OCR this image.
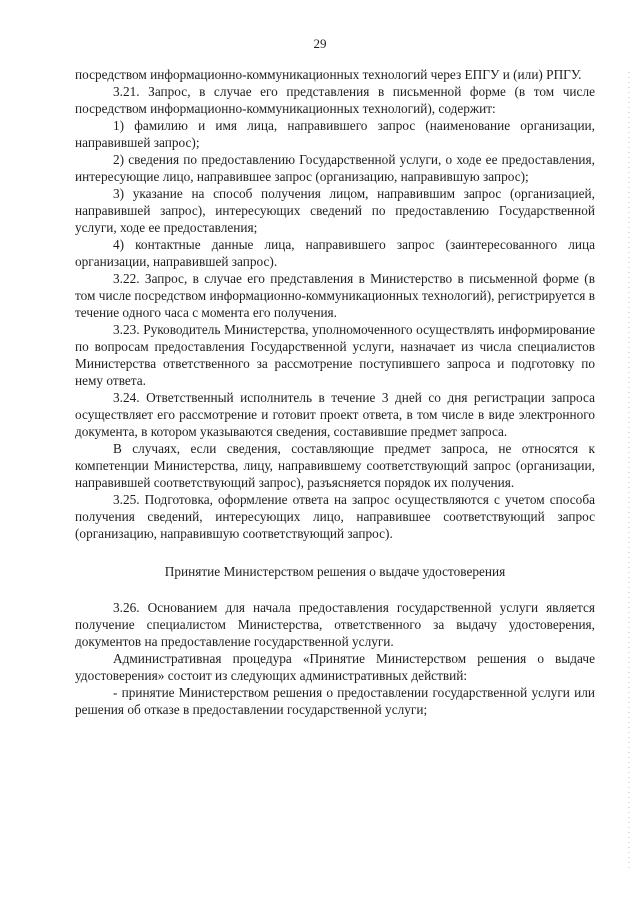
29

посредством информационно-коммуникационных технологий через ЕПГУ и (или) РПГУ.

3.21. Запрос, в случае его представления в письменной форме (в том числе посредством информационно-коммуникационных технологий), содержит:

1) фамилию и имя лица, направившего запрос (наименование организации, направившей запрос);

2) сведения по предоставлению Государственной услуги, о ходе ее предоставления, интересующие лицо, направившее запрос (организацию, направившую запрос);

3) указание на способ получения лицом, направившим запрос (организацией, направившей запрос), интересующих сведений по предоставлению Государственной услуги, ходе ее предоставления;

4) контактные данные лица, направившего запрос (заинтересованного лица организации, направившей запрос).

3.22. Запрос, в случае его представления в Министерство в письменной форме (в том числе посредством информационно-коммуникационных технологий), регистрируется в течение одного часа с момента его получения.

3.23. Руководитель Министерства, уполномоченного осуществлять информирование по вопросам предоставления Государственной услуги, назначает из числа специалистов Министерства ответственного за рассмотрение поступившего запроса и подготовку по нему ответа.

3.24. Ответственный исполнитель в течение 3 дней со дня регистрации запроса осуществляет его рассмотрение и готовит проект ответа, в том числе в виде электронного документа, в котором указываются сведения, составившие предмет запроса.

В случаях, если сведения, составляющие предмет запроса, не относятся к компетенции Министерства, лицу, направившему соответствующий запрос (организации, направившей соответствующий запрос), разъясняется порядок их получения.

3.25. Подготовка, оформление ответа на запрос осуществляются с учетом способа получения сведений, интересующих лицо, направившее соответствующий запрос (организацию, направившую соответствующий запрос).

Принятие Министерством решения о выдаче удостоверения

3.26. Основанием для начала предоставления государственной услуги является получение специалистом Министерства, ответственного за выдачу удостоверения, документов на предоставление государственной услуги.

Административная процедура «Принятие Министерством решения о выдаче удостоверения» состоит из следующих административных действий:

- принятие Министерством решения о предоставлении государственной услуги или решения об отказе в предоставлении государственной услуги;
